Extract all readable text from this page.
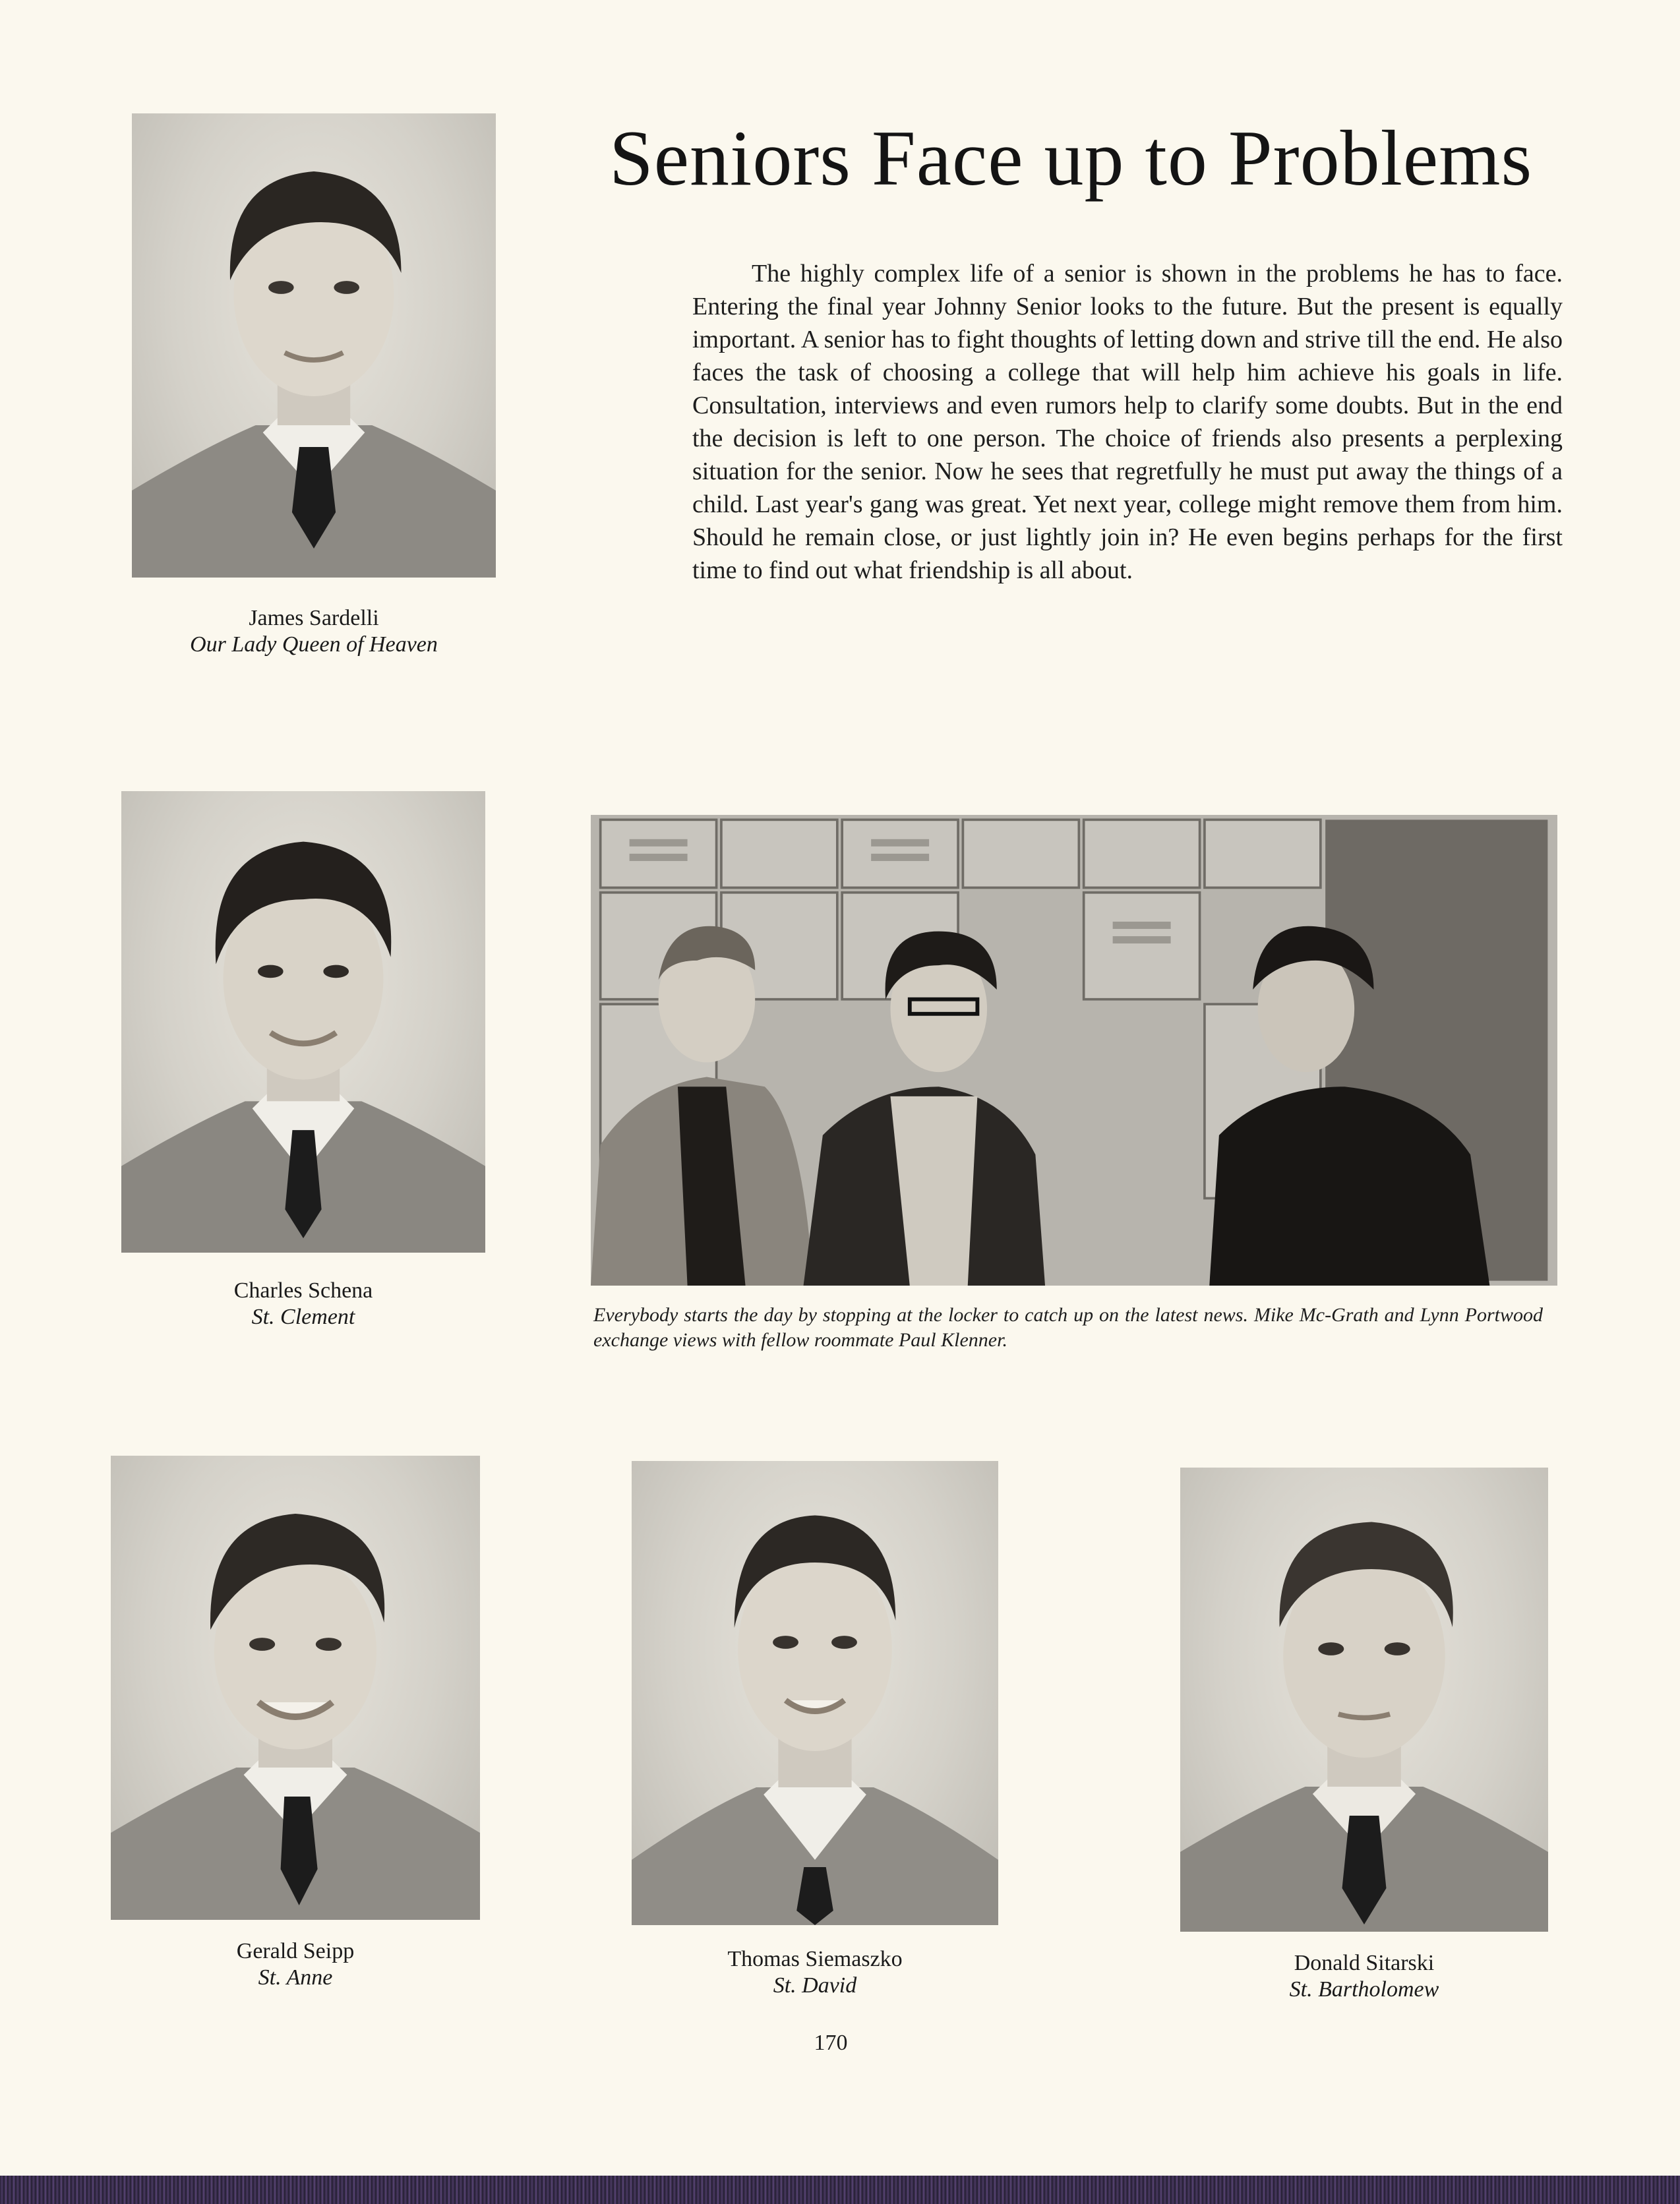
Seniors Face up to Problems
The highly complex life of a senior is shown in the problems he has to face. Entering the final year Johnny Senior looks to the future. But the present is equally important. A senior has to fight thoughts of letting down and strive till the end. He also faces the task of choosing a college that will help him achieve his goals in life. Consultation, interviews and even rumors help to clarify some doubts. But in the end the decision is left to one person. The choice of friends also presents a perplexing situation for the senior. Now he sees that regretfully he must put away the things of a child. Last year's gang was great. Yet next year, college might remove them from him. Should he remain close, or just lightly join in? He even begins perhaps for the first time to find out what friendship is all about.
James Sardelli
Our Lady Queen of Heaven
Charles Schena
St. Clement	Everybody starts the day by stopping at the locker to catch up on the latest news. Mike Mc-Grath and Lynn Portwood exchange views with fellow roommate Paul Klenner.
Gerald Seipp
St. Anne
Thomas Siemaszko
St. David
Donald Sitarski
St. Bartholomew
170
